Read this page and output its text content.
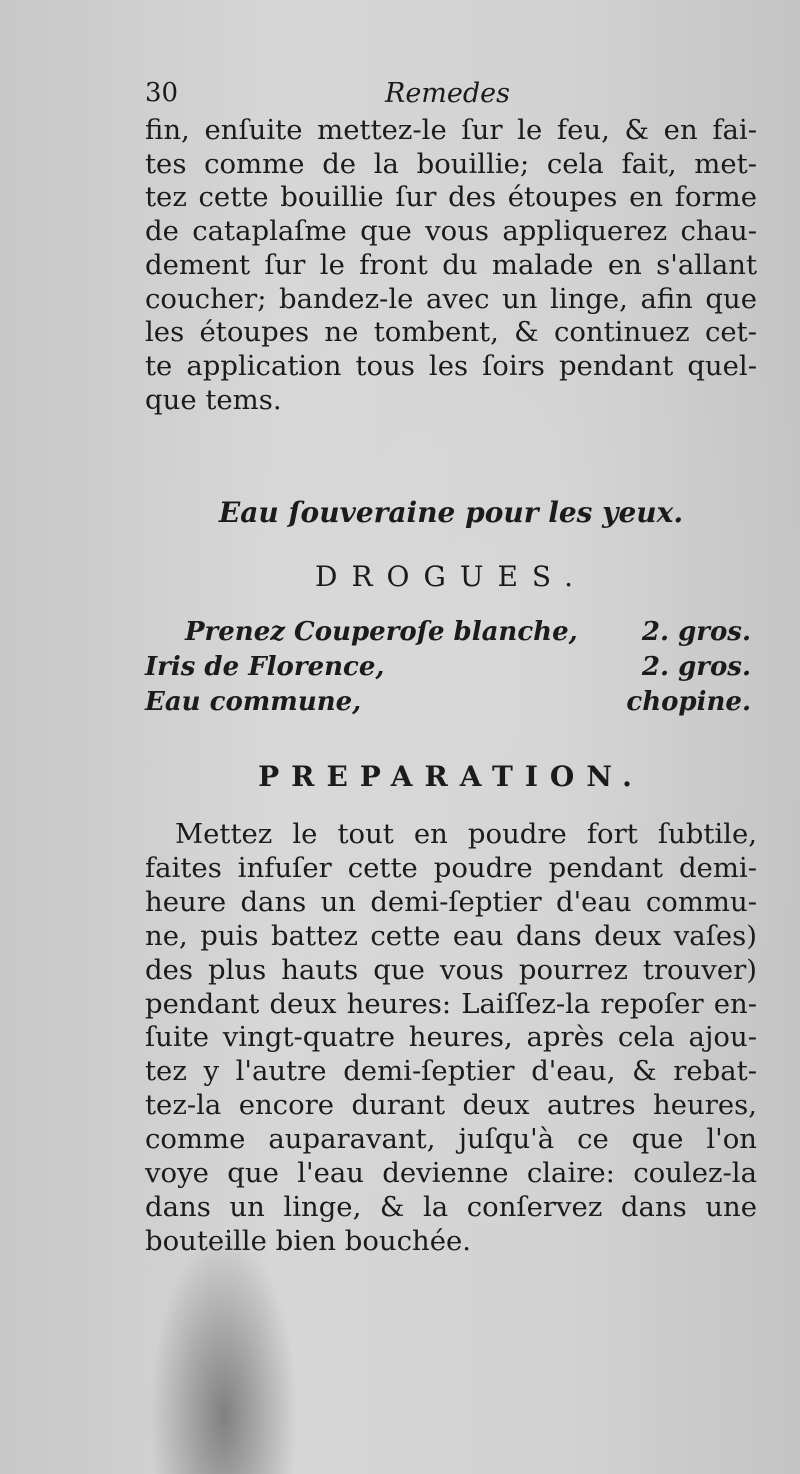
30	Remedes
fin, enſuite mettez-le ſur le feu, & en fai-
tes comme de la bouillie; cela fait, met-
tez cette bouillie ſur des étoupes en forme
de cataplaſme que vous appliquerez chau-
dement ſur le front du malade en s'allant
coucher; bandez-le avec un linge, afin que
les étoupes ne tombent, & continuez cet-
te application tous les ſoirs pendant quel-
que tems.
Eau ſouveraine pour les yeux.
DROGUES.
Prenez Couperoſe blanche, 2. gros.
Iris de Florence,	2. gros.
Eau commune,	chopine.
PREPARATION.
Mettez le tout en poudre fort ſubtile,
faites infuſer cette poudre pendant demi-
heure dans un demi-ſeptier d'eau commu-
ne, puis battez cette eau dans deux vaſes)
des plus hauts que vous pourrez trouver)
pendant deux heures: Laiſſez-la repoſer en-
ſuite vingt-quatre heures, après cela ajou-
tez y l'autre demi-ſeptier d'eau, & rebat-
tez-la encore durant deux autres heures,
comme auparavant, juſqu'à ce que l'on
voye que l'eau devienne claire: coulez-la
dans un linge, & la conſervez dans une
bouteille bien bouchée.
